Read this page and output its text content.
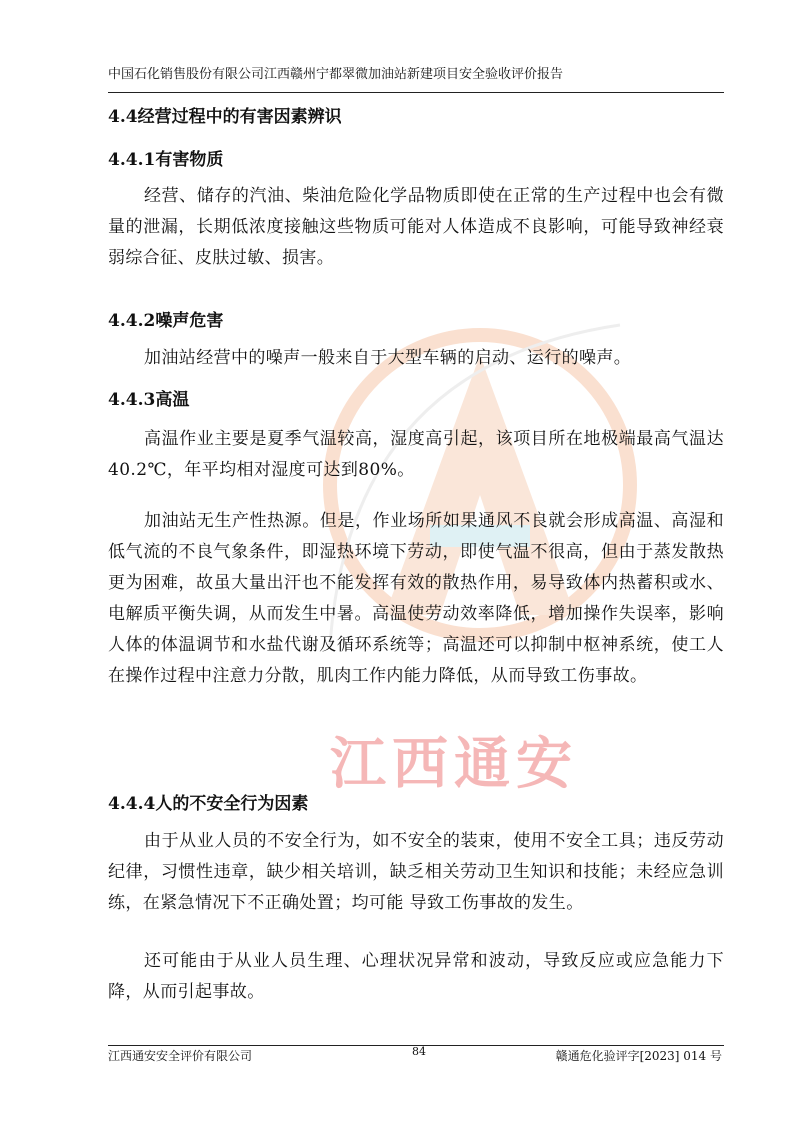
江西通安
中国石化销售股份有限公司江西赣州宁都翠微加油站新建项目安全验收评价报告
4.4经营过程中的有害因素辨识
4.4.1有害物质
经营、储存的汽油、柴油危险化学品物质即使在正常的生产过程中也会有微量的泄漏，长期低浓度接触这些物质可能对人体造成不良影响，可能导致神经衰弱综合征、皮肤过敏、损害。
4.4.2噪声危害
加油站经营中的噪声一般来自于大型车辆的启动、运行的噪声。
4.4.3高温
高温作业主要是夏季气温较高，湿度高引起，该项目所在地极端最高气温达40.2℃，年平均相对湿度可达到80%。
加油站无生产性热源。但是，作业场所如果通风不良就会形成高温、高湿和低气流的不良气象条件，即湿热环境下劳动，即使气温不很高，但由于蒸发散热更为困难，故虽大量出汗也不能发挥有效的散热作用，易导致体内热蓄积或水、电解质平衡失调，从而发生中暑。高温使劳动效率降低，增加操作失误率，影响人体的体温调节和水盐代谢及循环系统等；高温还可以抑制中枢神系统，使工人在操作过程中注意力分散，肌肉工作内能力降低，从而导致工伤事故。
4.4.4人的不安全行为因素
由于从业人员的不安全行为，如不安全的装束，使用不安全工具；违反劳动纪律，习惯性违章，缺少相关培训，缺乏相关劳动卫生知识和技能；未经应急训练，在紧急情况下不正确处置；均可能 导致工伤事故的发生。
还可能由于从业人员生理、心理状况异常和波动，导致反应或应急能力下降，从而引起事故。
江西通安安全评价有限公司	84	赣通危化验评字[2023] 014 号
